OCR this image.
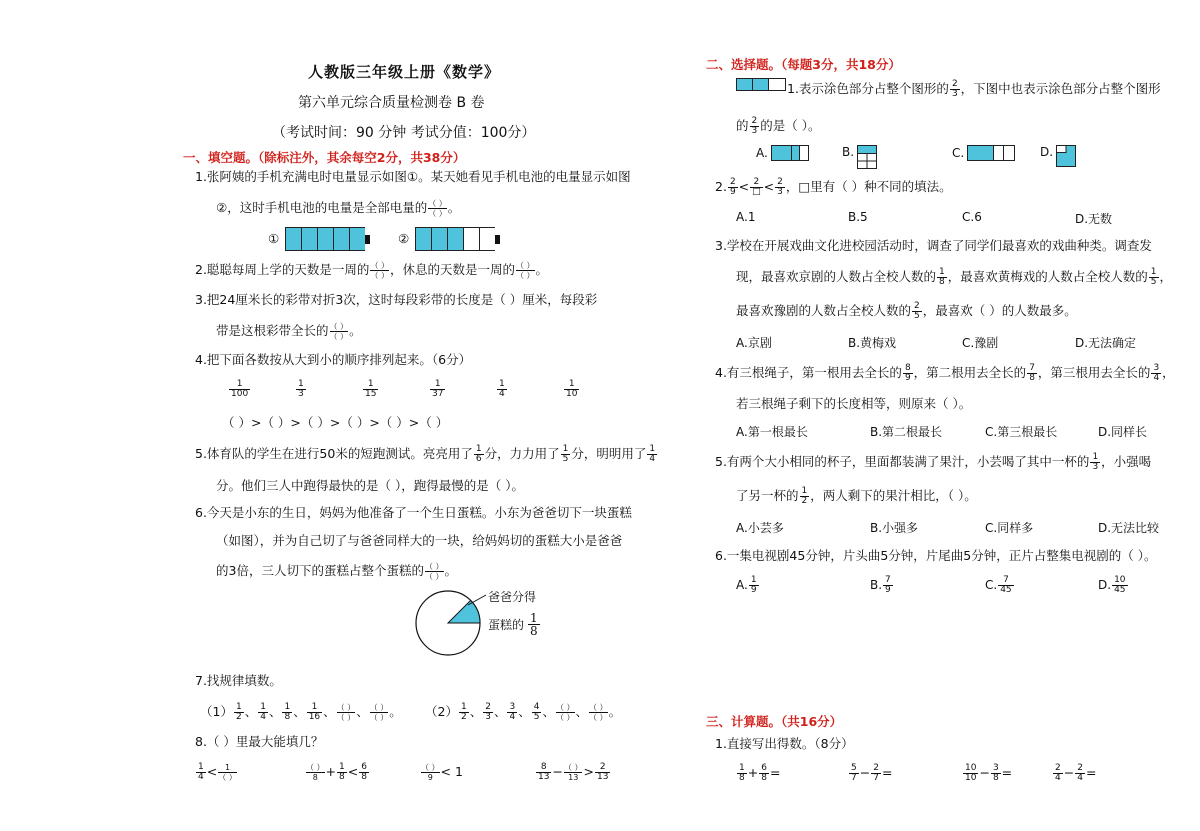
人教版三年级上册《数学》
第六单元综合质量检测卷 B 卷
（考试时间：90 分钟 考试分值：100分）
一、填空题。（除标注外，其余每空2分，共38分）
1.张阿姨的手机充满电时电量显示如图①。某天她看见手机电池的电量显示如图
②，这时手机电池的电量是全部电量的 $\frac{( )}{( )}$ 。
①	②
2.聪聪每周上学的天数是一周的 $\frac{( )}{( )}$ ，休息的天数是一周的 $\frac{( )}{( )}$ 。
3.把24厘米长的彩带对折3次，这时每段彩带的长度是（ ）厘米，每段彩
带是这根彩带全长的 $\frac{( )}{( )}$ 。
4.把下面各数按从大到小的顺序排列起来。（6分）
$\frac{1}{100}$	$\frac{1}{3}$	$\frac{1}{15}$	$\frac{1}{37}$	$\frac{1}{4}$	$\frac{1}{10}$
（ ）>（ ）>（ ）>（ ）>（ ）>（ ）
5.体育队的学生在进行50米的短跑测试。亮亮用了 $\frac{1}{6}$ 分，力力用了 $\frac{1}{5}$ 分，明明用了 $\frac{1}{4}$
分。他们三人中跑得最快的是（ ），跑得最慢的是（ ）。
6.今天是小东的生日，妈妈为他准备了一个生日蛋糕。小东为爸爸切下一块蛋糕
（如图），并为自己切了与爸爸同样大的一块，给妈妈切的蛋糕大小是爸爸
的3倍，三人切下的蛋糕占整个蛋糕的 $\frac{( )}{( )}$ 。
爸爸分得
蛋糕的 $\frac{1}{8}$
7.找规律填数。
$(1) \frac{1}{2}$ 、 $\frac{1}{4}$ 、 $\frac{1}{8}$ 、 $\frac{1}{16}$ 、 $\frac{( )}{( )}$ 、 $\frac{( )}{( )}$ 。 $(2) \frac{1}{2}$ 、 $\frac{2}{3}$ 、 $\frac{3}{4}$ 、 $\frac{4}{5}$ 、 $\frac{( )}{( )}$ 、 $\frac{( )}{( )}$ 。
8.（ ）里最大能填几？
$\frac{1}{4} < \frac{1}{( )}$	$\frac{( )}{8} + \frac{1}{8} < \frac{6}{8}$	$\frac{( )}{9} < 1$	$\frac{8}{13} - \frac{( )}{13} > \frac{2}{13}$
二、选择题。（每题3分，共18分）
1.表示涂色部分占整个图形的 $\frac{2}{3}$ ，下图中也表示涂色部分占整个图形
的 $\frac{2}{3}$ 的是（ ）。
A.	B.	C.	D.
2. $\frac{2}{9} < \frac{2}{□} < \frac{2}{3}$ ，□里有（ ）种不同的填法。
A.1	B.5	C.6	D.无数
3.学校在开展戏曲文化进校园活动时，调查了同学们最喜欢的戏曲种类。调查发
现，最喜欢京剧的人数占全校人数的 $\frac{1}{8}$ ，最喜欢黄梅戏的人数占全校人数的 $\frac{1}{5}$ ，
最喜欢豫剧的人数占全校人数的 $\frac{2}{5}$ ，最喜欢（ ）的人数最多。
A.京剧	B.黄梅戏	C.豫剧	D.无法确定
4.有三根绳子，第一根用去全长的 $\frac{8}{9}$ ，第二根用去全长的 $\frac{7}{8}$ ，第三根用去全长的 $\frac{3}{4}$ ，
若三根绳子剩下的长度相等，则原来（ ）。
A.第一根最长	B.第二根最长	C.第三根最长	D.同样长
5.有两个大小相同的杯子，里面都装满了果汁，小芸喝了其中一杯的 $\frac{1}{3}$ ，小强喝
了另一杯的 $\frac{1}{2}$ ，两人剩下的果汁相比，（ ）。
A.小芸多	B.小强多	C.同样多	D.无法比较
6.一集电视剧45分钟，片头曲5分钟，片尾曲5分钟，正片占整集电视剧的（ ）。
A. $\frac{1}{9}$	B. $\frac{7}{9}$	C. $\frac{7}{45}$	D. $\frac{10}{45}$
三、计算题。（共16分）
1.直接写出得数。（8分）
$\frac{1}{8} + \frac{6}{8}$ =	$\frac{5}{7} - \frac{2}{7}$ =	$\frac{10}{10} - \frac{3}{8}$ =	$\frac{2}{4} - \frac{2}{4}$ =
